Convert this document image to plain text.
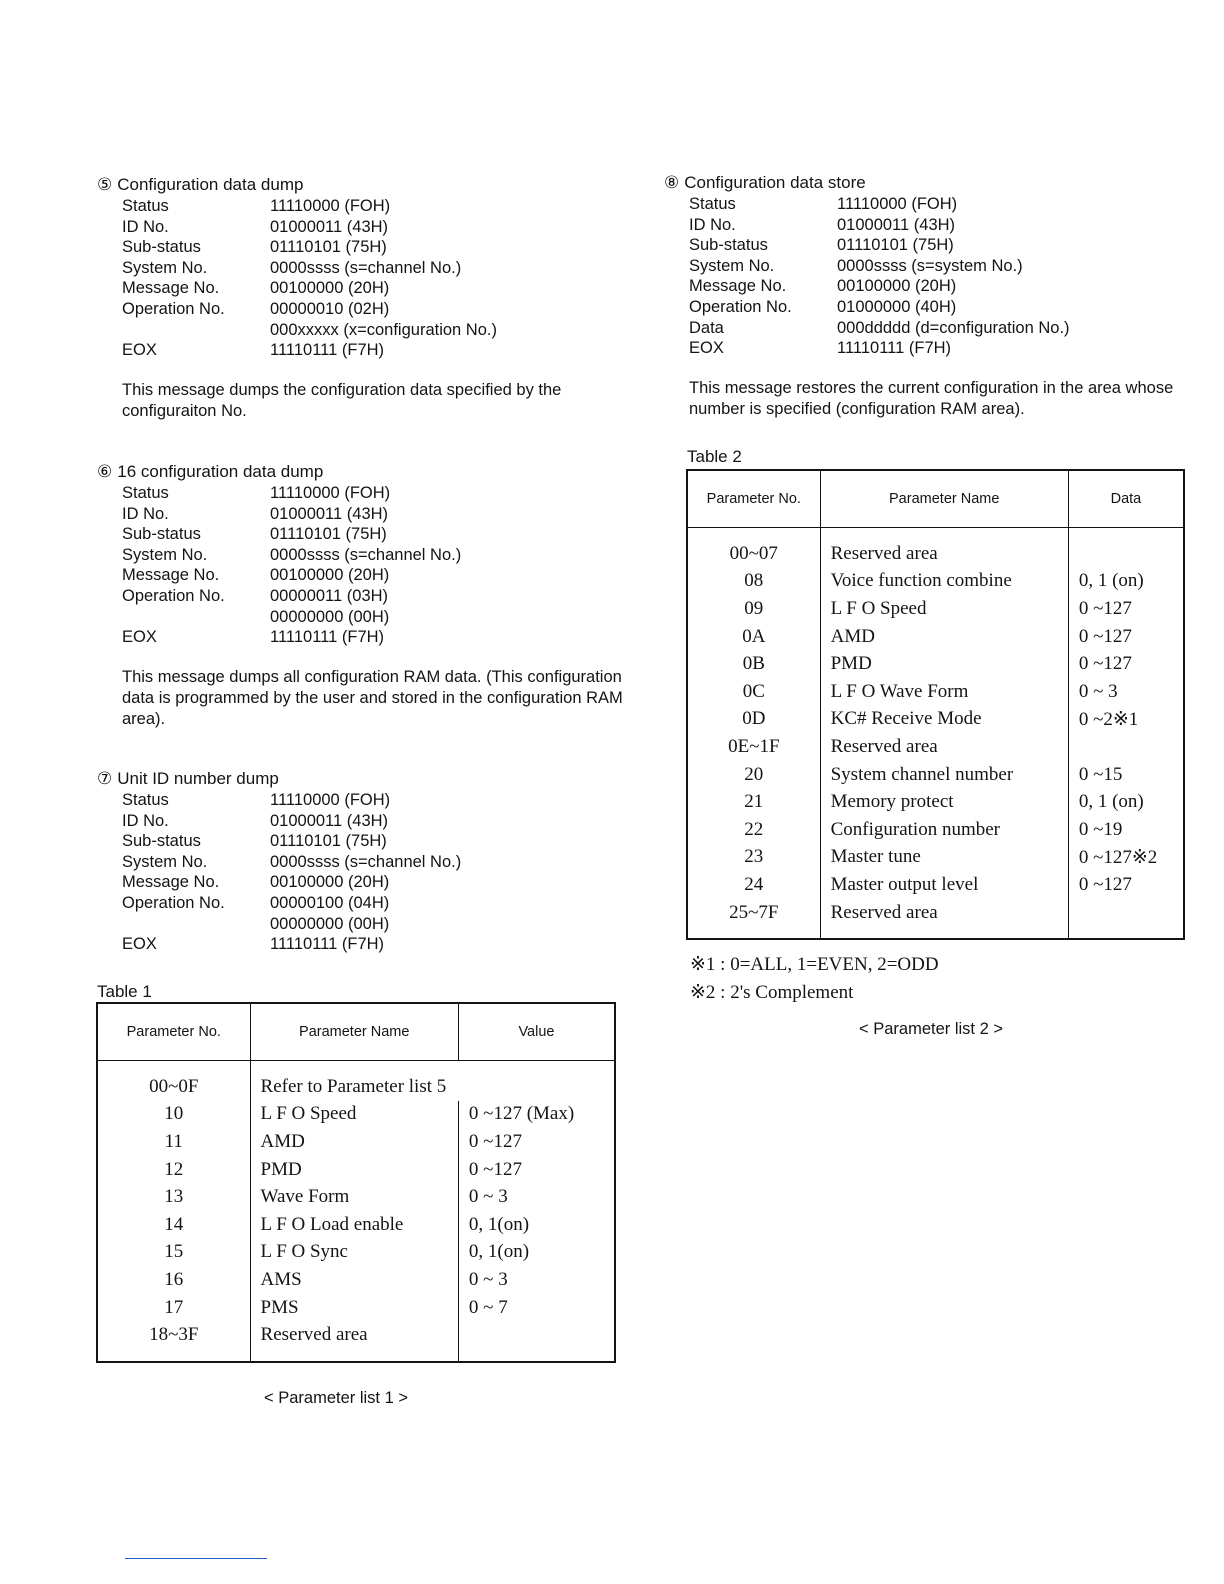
⑤ Configuration data dump
Status	11110000 (FOH)
ID No.	01000011 (43H)
Sub-status	01110101 (75H)
System No.	0000ssss (s=channel No.)
Message No.	00100000 (20H)
Operation No.	00000010 (02H)
000xxxxx (x=configuration No.)
EOX	11110111 (F7H)
This message dumps the configuration data specified by the configuraiton No.
⑥ 16 configuration data dump
Status	11110000 (FOH)
ID No.	01000011 (43H)
Sub-status	01110101 (75H)
System No.	0000ssss (s=channel No.)
Message No.	00100000 (20H)
Operation No.	00000011 (03H)
00000000 (00H)
EOX	11110111 (F7H)
This message dumps all configuration RAM data. (This configuration data is programmed by the user and stored in the configuration RAM area).
⑦ Unit ID number dump
Status	11110000 (FOH)
ID No.	01000011 (43H)
Sub-status	01110101 (75H)
System No.	0000ssss (s=channel No.)
Message No.	00100000 (20H)
Operation No.	00000100 (04H)
00000000 (00H)
EOX	11110111 (F7H)
Table 1
Parameter No.	Parameter Name	Value
00~0F	Refer to Parameter list 5	
10	L F O Speed	0 ~127 (Max)
11	AMD	0 ~127
12	PMD	0 ~127
13	Wave Form	0 ~ 3
14	L F O Load enable	0, 1(on)
15	L F O Sync	0, 1(on)
16	AMS	0 ~ 3
17	PMS	0 ~ 7
18~3F	Reserved area	
< Parameter list 1 >
⑧ Configuration data store
Status	11110000 (FOH)
ID No.	01000011 (43H)
Sub-status	01110101 (75H)
System No.	0000ssss (s=system No.)
Message No.	00100000 (20H)
Operation No.	01000000 (40H)
Data	000ddddd (d=configuration No.)
EOX	11110111 (F7H)
This message restores the current configuration in the area whose number is specified (configuration RAM area).
Table 2
Parameter No.	Parameter Name	Data
00~07	Reserved area	
08	Voice function combine	0, 1 (on)
09	L F O Speed	0 ~127
0A	AMD	0 ~127
0B	PMD	0 ~127
0C	L F O Wave Form	0 ~ 3
0D	KC# Receive Mode	0 ~2※1
0E~1F	Reserved area	
20	System channel number	0 ~15
21	Memory protect	0, 1 (on)
22	Configuration number	0 ~19
23	Master tune	0 ~127※2
24	Master output level	0 ~127
25~7F	Reserved area	
※1 : 0=ALL, 1=EVEN, 2=ODD
※2 : 2's Complement
< Parameter list 2 >
